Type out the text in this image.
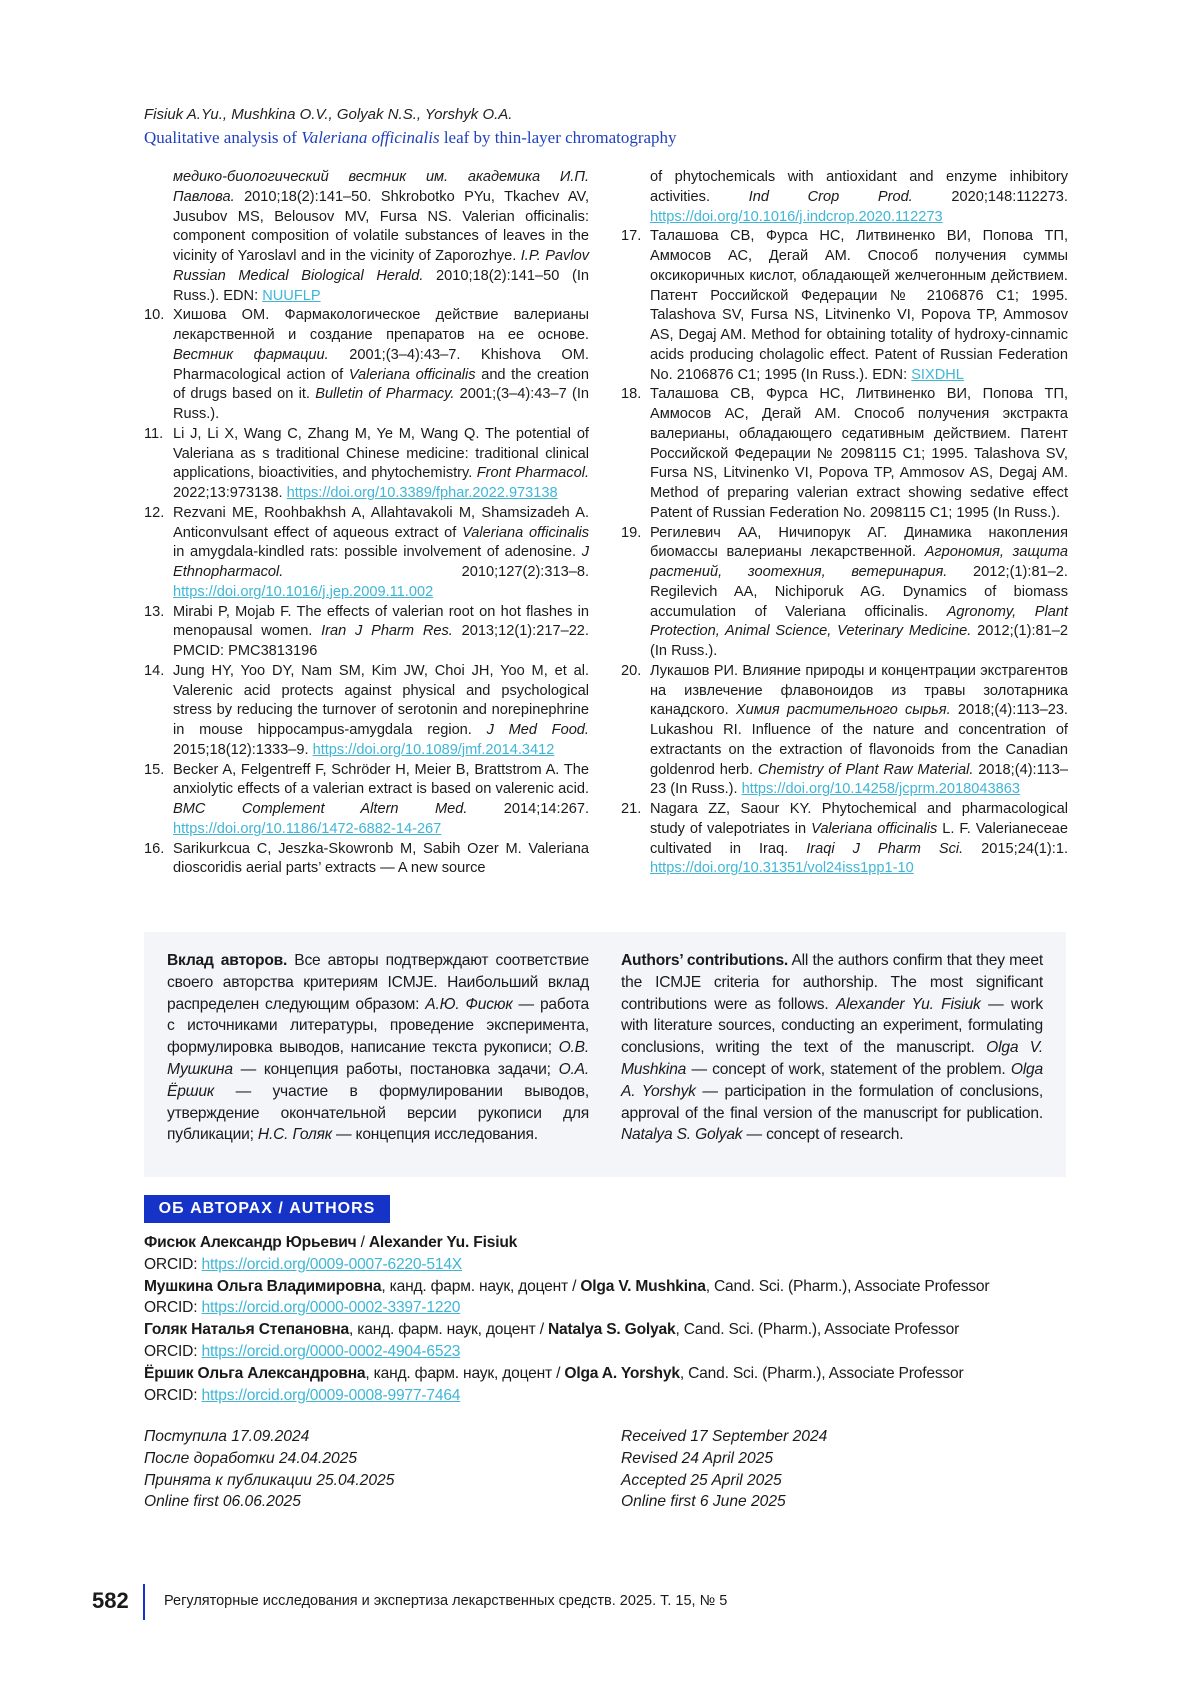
Fisiuk A.Yu., Mushkina O.V., Golyak N.S., Yorshyk O.A.
Qualitative analysis of Valeriana officinalis leaf by thin-layer chromatography
медико-биологический вестник им. академика И.П. Павлова. 2010;18(2):141–50. Shkrobotko PYu, Tkachev AV, Jusubov MS, Belousov MV, Fursa NS. Valerian officinalis: component composition of volatile substances of leaves in the vicinity of Yaroslavl and in the vicinity of Zaporozhye. I.P. Pavlov Russian Medical Biological Herald. 2010;18(2):141–50 (In Russ.). EDN: NUUFLP
10. Хишова ОМ. Фармакологическое действие валерианы лекарственной и создание препаратов на ее основе. Вестник фармации. 2001;(3–4):43–7. Khishova OM. Pharmacological action of Valeriana officinalis and the creation of drugs based on it. Bulletin of Pharmacy. 2001;(3–4):43–7 (In Russ.).
11. Li J, Li X, Wang C, Zhang M, Ye M, Wang Q. The potential of Valeriana as s traditional Chinese medicine: traditional clinical applications, bioactivities, and phytochemistry. Front Pharmacol. 2022;13:973138. https://doi.org/10.3389/fphar.2022.973138
12. Rezvani ME, Roohbakhsh A, Allahtavakoli M, Shamsizadeh A. Anticonvulsant effect of aqueous extract of Valeriana officinalis in amygdala-kindled rats: possible involvement of adenosine. J Ethnopharmacol. 2010;127(2):313–8. https://doi.org/10.1016/j.jep.2009.11.002
13. Mirabi P, Mojab F. The effects of valerian root on hot flashes in menopausal women. Iran J Pharm Res. 2013;12(1):217–22. PMCID: PMC3813196
14. Jung HY, Yoo DY, Nam SM, Kim JW, Choi JH, Yoo M, et al. Valerenic acid protects against physical and psychological stress by reducing the turnover of serotonin and norepinephrine in mouse hippocampus-amygdala region. J Med Food. 2015;18(12):1333–9. https://doi.org/10.1089/jmf.2014.3412
15. Becker A, Felgentreff F, Schröder H, Meier B, Brattstrom A. The anxiolytic effects of a valerian extract is based on valerenic acid. BMC Complement Altern Med. 2014;14:267. https://doi.org/10.1186/1472-6882-14-267
16. Sarikurkcua C, Jeszka-Skowronb M, Sabih Ozer M. Valeriana dioscoridis aerial parts’ extracts — A new source
of phytochemicals with antioxidant and enzyme inhibitory activities. Ind Crop Prod. 2020;148:112273. https://doi.org/10.1016/j.indcrop.2020.112273
17. Талашова СВ, Фурса НС, Литвиненко ВИ, Попова ТП, Аммосов АС, Дегай АМ. Способ получения суммы оксикоричных кислот, обладающей желчегонным действием. Патент Российской Федерации № 2106876 С1; 1995. Talashova SV, Fursa NS, Litvinenko VI, Popova TP, Ammosov AS, Degaj AM. Method for obtaining totality of hydroxy-cinnamic acids producing cholagolic effect. Patent of Russian Federation No. 2106876 C1; 1995 (In Russ.). EDN: SIXDHL
18. Талашова СВ, Фурса НС, Литвиненко ВИ, Попова ТП, Аммосов АС, Дегай АМ. Способ получения экстракта валерианы, обладающего седативным действием. Патент Российской Федерации № 2098115 С1; 1995. Talashova SV, Fursa NS, Litvinenko VI, Popova TP, Ammosov AS, Degaj AM. Method of preparing valerian extract showing sedative effect Patent of Russian Federation No. 2098115 C1; 1995 (In Russ.).
19. Регилевич АА, Ничипорук АГ. Динамика накопления биомассы валерианы лекарственной. Агрономия, защита растений, зоотехния, ветеринария. 2012;(1):81–2. Regilevich AA, Nichiporuk AG. Dynamics of biomass accumulation of Valeriana officinalis. Agronomy, Plant Protection, Animal Science, Veterinary Medicine. 2012;(1):81–2 (In Russ.).
20. Лукашов РИ. Влияние природы и концентрации экстрагентов на извлечение флавоноидов из травы золотарника канадского. Химия растительного сырья. 2018;(4):113–23. Lukashou RI. Influence of the nature and concentration of extractants on the extraction of flavonoids from the Canadian goldenrod herb. Chemistry of Plant Raw Material. 2018;(4):113–23 (In Russ.). https://doi.org/10.14258/jcprm.2018043863
21. Nagara ZZ, Saour KY. Phytochemical and pharmacological study of valepotriates in Valeriana officinalis L. F. Valerianeceae cultivated in Iraq. Iraqi J Pharm Sci. 2015;24(1):1. https://doi.org/10.31351/vol24iss1pp1-10
Вклад авторов. Все авторы подтверждают соответствие своего авторства критериям ICMJE. Наибольший вклад распределен следующим образом: А.Ю. Фисюк — работа с источниками литературы, проведение эксперимента, формулировка выводов, написание текста рукописи; О.В. Мушкина — концепция работы, постановка задачи; О.А. Ёршик — участие в формулировании выводов, утверждение окончательной версии рукописи для публикации; Н.С. Голяк — концепция исследования.
Authors’ contributions. All the authors confirm that they meet the ICMJE criteria for authorship. The most significant contributions were as follows. Alexander Yu. Fisiuk — work with literature sources, conducting an experiment, formulating conclusions, writing the text of the manuscript. Olga V. Mushkina — concept of work, statement of the problem. Olga A. Yorshyk — participation in the formulation of conclusions, approval of the final version of the manuscript for publication. Natalya S. Golyak — concept of research.
ОБ АВТОРАХ / AUTHORS
Фисюк Александр Юрьевич / Alexander Yu. Fisiuk
ORCID: https://orcid.org/0009-0007-6220-514X
Мушкина Ольга Владимировна, канд. фарм. наук, доцент / Olga V. Mushkina, Cand. Sci. (Pharm.), Associate Professor
ORCID: https://orcid.org/0000-0002-3397-1220
Голяк Наталья Степановна, канд. фарм. наук, доцент / Natalya S. Golyak, Cand. Sci. (Pharm.), Associate Professor
ORCID: https://orcid.org/0000-0002-4904-6523
Ёршик Ольга Александровна, канд. фарм. наук, доцент / Olga A. Yorshyk, Cand. Sci. (Pharm.), Associate Professor
ORCID: https://orcid.org/0009-0008-9977-7464
Поступила 17.09.2024
После доработки 24.04.2025
Принята к публикации 25.04.2025
Online first 06.06.2025
Received 17 September 2024
Revised 24 April 2025
Accepted 25 April 2025
Online first 6 June 2025
582 Регуляторные исследования и экспертиза лекарственных средств. 2025. Т. 15, № 5
